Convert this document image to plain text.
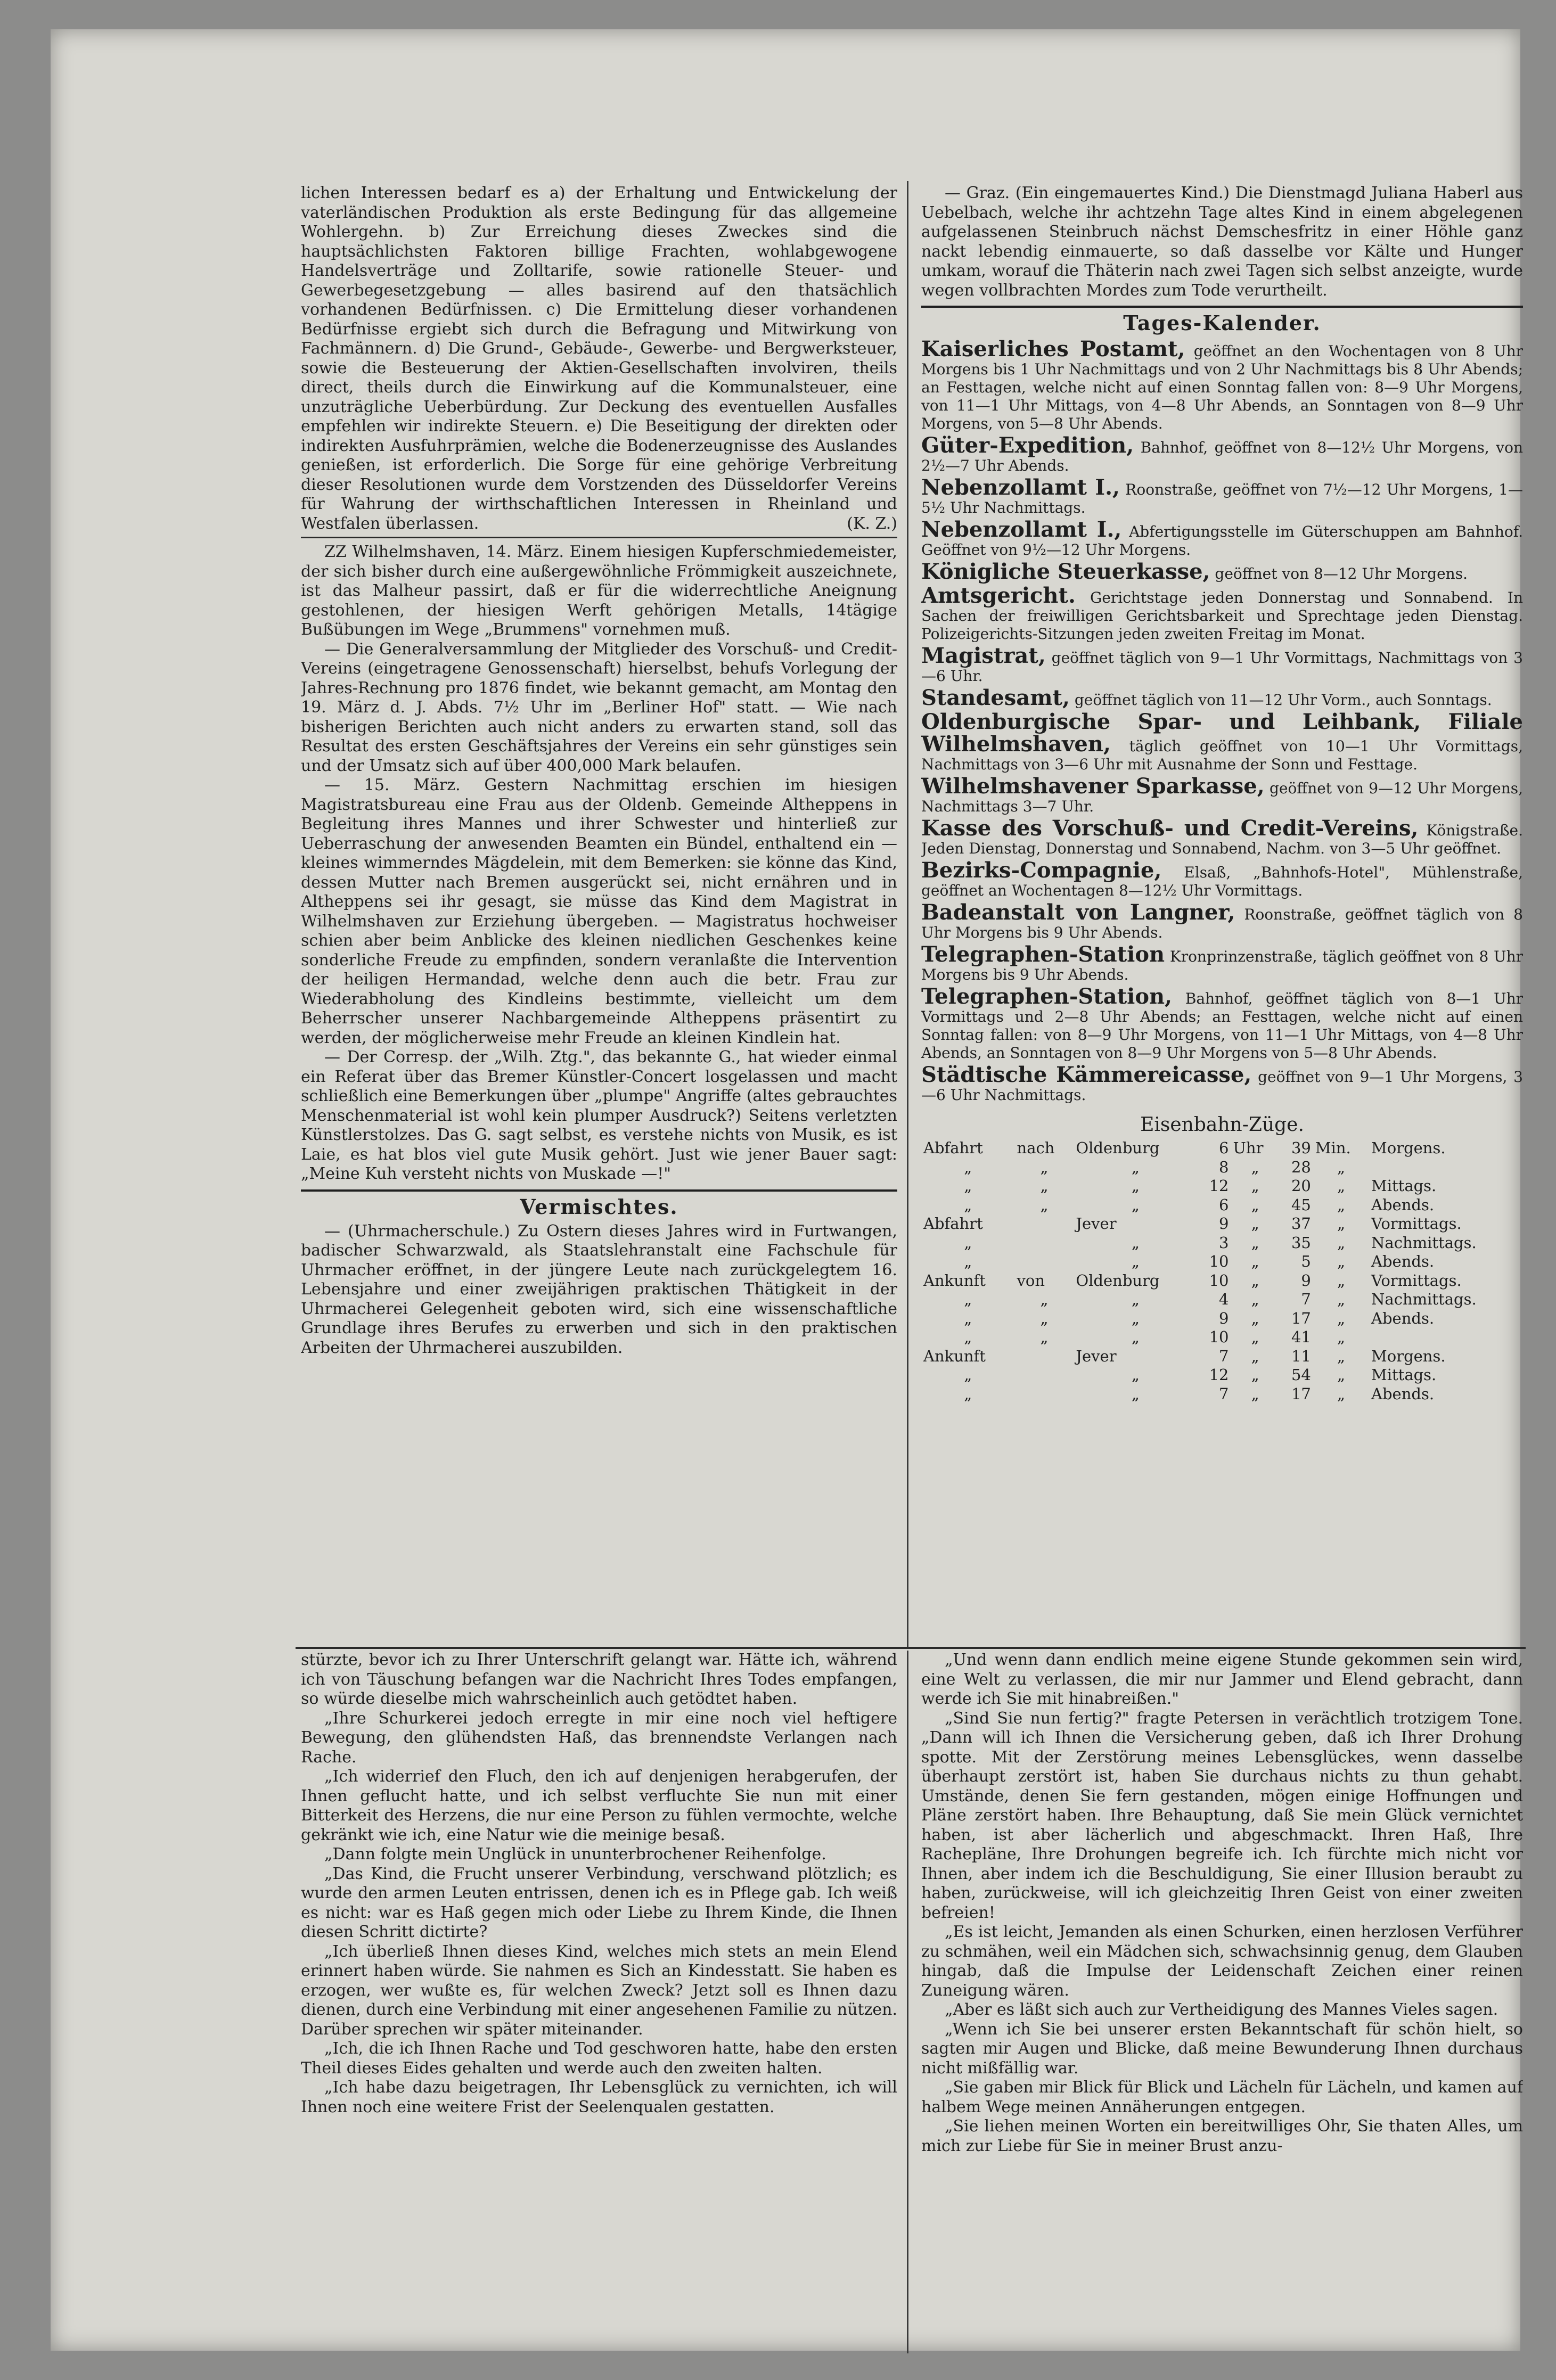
lichen Interessen bedarf es a) der Erhaltung und Entwickelung der vaterländischen Produktion als erste Bedingung für das allgemeine Wohlergehn. b) Zur Erreichung dieses Zweckes sind die hauptsächlichsten Faktoren billige Frachten, wohlabgewogene Handelsverträge und Zolltarife, sowie rationelle Steuer- und Gewerbegesetzgebung — alles basirend auf den thatsächlich vorhandenen Bedürfnissen. c) Die Ermittelung dieser vorhandenen Bedürfnisse ergiebt sich durch die Befragung und Mitwirkung von Fachmännern. d) Die Grund-, Gebäude-, Gewerbe- und Bergwerksteuer, sowie die Besteuerung der Aktien-Gesellschaften involviren, theils direct, theils durch die Einwirkung auf die Kommunalsteuer, eine unzuträgliche Ueberbürdung. Zur Deckung des eventuellen Ausfalles empfehlen wir indirekte Steuern. e) Die Beseitigung der direkten oder indirekten Ausfuhrprämien, welche die Bodenerzeugnisse des Auslandes genießen, ist erforderlich. Die Sorge für eine gehörige Verbreitung dieser Resolutionen wurde dem Vorstzenden des Düsseldorfer Vereins für Wahrung der wirthschaftlichen Interessen in Rheinland und Westfalen überlassen.	(K. Z.)

ZZ Wilhelmshaven, 14. März. Einem hiesigen Kupferschmiedemeister, der sich bisher durch eine außergewöhnliche Frömmigkeit auszeichnete, ist das Malheur passirt, daß er für die widerrechtliche Aneignung gestohlenen, der hiesigen Werft gehörigen Metalls, 14tägige Bußübungen im Wege „Brummens" vornehmen muß.

— Die Generalversammlung der Mitglieder des Vorschuß- und Credit-Vereins (eingetragene Genossenschaft) hierselbst, behufs Vorlegung der Jahres-Rechnung pro 1876 findet, wie bekannt gemacht, am Montag den 19. März d. J. Abds. 7½ Uhr im „Berliner Hof" statt. — Wie nach bisherigen Berichten auch nicht anders zu erwarten stand, soll das Resultat des ersten Geschäftsjahres der Vereins ein sehr günstiges sein und der Umsatz sich auf über 400,000 Mark belaufen.

— 15. März. Gestern Nachmittag erschien im hiesigen Magistratsbureau eine Frau aus der Oldenb. Gemeinde Altheppens in Begleitung ihres Mannes und ihrer Schwester und hinterließ zur Ueberraschung der anwesenden Beamten ein Bündel, enthaltend ein — kleines wimmerndes Mägdelein, mit dem Bemerken: sie könne das Kind, dessen Mutter nach Bremen ausgerückt sei, nicht ernähren und in Altheppens sei ihr gesagt, sie müsse das Kind dem Magistrat in Wilhelmshaven zur Erziehung übergeben. — Magistratus hochweiser schien aber beim Anblicke des kleinen niedlichen Geschenkes keine sonderliche Freude zu empfinden, sondern veranlaßte die Intervention der heiligen Hermandad, welche denn auch die betr. Frau zur Wiederabholung des Kindleins bestimmte, vielleicht um dem Beherrscher unserer Nachbargemeinde Altheppens präsentirt zu werden, der möglicherweise mehr Freude an kleinen Kindlein hat.

— Der Corresp. der „Wilh. Ztg.", das bekannte G., hat wieder einmal ein Referat über das Bremer Künstler-Concert losgelassen und macht schließlich eine Bemerkungen über „plumpe" Angriffe (altes gebrauchtes Menschenmaterial ist wohl kein plumper Ausdruck?) Seitens verletzten Künstlerstolzes. Das G. sagt selbst, es verstehe nichts von Musik, es ist Laie, es hat blos viel gute Musik gehört. Just wie jener Bauer sagt: „Meine Kuh versteht nichts von Muskade —!"

Vermischtes.

— (Uhrmacherschule.) Zu Ostern dieses Jahres wird in Furtwangen, badischer Schwarzwald, als Staatslehranstalt eine Fachschule für Uhrmacher eröffnet, in der jüngere Leute nach zurückgelegtem 16. Lebensjahre und einer zweijährigen praktischen Thätigkeit in der Uhrmacherei Gelegenheit geboten wird, sich eine wissenschaftliche Grundlage ihres Berufes zu erwerben und sich in den praktischen Arbeiten der Uhrmacherei auszubilden.

— Graz. (Ein eingemauertes Kind.) Die Dienstmagd Juliana Haberl aus Uebelbach, welche ihr achtzehn Tage altes Kind in einem abgelegenen aufgelassenen Steinbruch nächst Demschesfritz in einer Höhle ganz nackt lebendig einmauerte, so daß dasselbe vor Kälte und Hunger umkam, worauf die Thäterin nach zwei Tagen sich selbst anzeigte, wurde wegen vollbrachten Mordes zum Tode verurtheilt.

Tages-Kalender.

Kaiserliches Postamt, geöffnet an den Wochentagen von 8 Uhr Morgens bis 1 Uhr Nachmittags und von 2 Uhr Nachmittags bis 8 Uhr Abends; an Festtagen, welche nicht auf einen Sonntag fallen von: 8—9 Uhr Morgens, von 11—1 Uhr Mittags, von 4—8 Uhr Abends, an Sonntagen von 8—9 Uhr Morgens, von 5—8 Uhr Abends.

Güter-Expedition, Bahnhof, geöffnet von 8—12½ Uhr Morgens, von 2½—7 Uhr Abends.

Nebenzollamt I., Roonstraße, geöffnet von 7½—12 Uhr Morgens, 1—5½ Uhr Nachmittags.

Nebenzollamt I., Abfertigungsstelle im Güterschuppen am Bahnhof. Geöffnet von 9½—12 Uhr Morgens.

Königliche Steuerkasse, geöffnet von 8—12 Uhr Morgens.

Amtsgericht. Gerichtstage jeden Donnerstag und Sonnabend. In Sachen der freiwilligen Gerichtsbarkeit und Sprechtage jeden Dienstag. Polizeigerichts-Sitzungen jeden zweiten Freitag im Monat.

Magistrat, geöffnet täglich von 9—1 Uhr Vormittags, Nachmittags von 3—6 Uhr.

Standesamt, geöffnet täglich von 11—12 Uhr Vorm., auch Sonntags.

Oldenburgische Spar- und Leihbank, Filiale Wilhelmshaven, täglich geöffnet von 10—1 Uhr Vormittags, Nachmittags von 3—6 Uhr mit Ausnahme der Sonn und Festtage.

Wilhelmshavener Sparkasse, geöffnet von 9—12 Uhr Morgens, Nachmittags 3—7 Uhr.

Kasse des Vorschuß- und Credit-Vereins, Königstraße. Jeden Dienstag, Donnerstag und Sonnabend, Nachm. von 3—5 Uhr geöffnet.

Bezirks-Compagnie, Elsaß, „Bahnhofs-Hotel", Mühlenstraße, geöffnet an Wochentagen 8—12½ Uhr Vormittags.

Badeanstalt von Langner, Roonstraße, geöffnet täglich von 8 Uhr Morgens bis 9 Uhr Abends.

Telegraphen-Station Kronprinzenstraße, täglich geöffnet von 8 Uhr Morgens bis 9 Uhr Abends.

Telegraphen-Station, Bahnhof, geöffnet täglich von 8—1 Uhr Vormittags und 2—8 Uhr Abends; an Festtagen, welche nicht auf einen Sonntag fallen: von 8—9 Uhr Morgens, von 11—1 Uhr Mittags, von 4—8 Uhr Abends, an Sonntagen von 8—9 Uhr Morgens von 5—8 Uhr Abends.

Städtische Kämmereicasse, geöffnet von 9—1 Uhr Morgens, 3—6 Uhr Nachmittags.

Eisenbahn-Züge.
Abfahrt	nach	Oldenburg	6	Uhr	39	Min.	Morgens.
„	„	„	8	„	28	„	
„	„	„	12	„	20	„	Mittags.
„	„	„	6	„	45	„	Abends.
Abfahrt		Jever	9	„	37	„	Vormittags.
„		„	3	„	35	„	Nachmittags.
„		„	10	„	5	„	Abends.
Ankunft	von	Oldenburg	10	„	9	„	Vormittags.
„	„	„	4	„	7	„	Nachmittags.
„	„	„	9	„	17	„	Abends.
„	„	„	10	„	41	„	
Ankunft		Jever	7	„	11	„	Morgens.
„		„	12	„	54	„	Mittags.
„		„	7	„	17	„	Abends.

stürzte, bevor ich zu Ihrer Unterschrift gelangt war. Hätte ich, während ich von Täuschung befangen war die Nachricht Ihres Todes empfangen, so würde dieselbe mich wahrscheinlich auch getödtet haben.

„Ihre Schurkerei jedoch erregte in mir eine noch viel heftigere Bewegung, den glühendsten Haß, das brennendste Verlangen nach Rache.

„Ich widerrief den Fluch, den ich auf denjenigen herabgerufen, der Ihnen geflucht hatte, und ich selbst verfluchte Sie nun mit einer Bitterkeit des Herzens, die nur eine Person zu fühlen vermochte, welche gekränkt wie ich, eine Natur wie die meinige besaß.

„Dann folgte mein Unglück in ununterbrochener Reihenfolge.

„Das Kind, die Frucht unserer Verbindung, verschwand plötzlich; es wurde den armen Leuten entrissen, denen ich es in Pflege gab. Ich weiß es nicht: war es Haß gegen mich oder Liebe zu Ihrem Kinde, die Ihnen diesen Schritt dictirte?

„Ich überließ Ihnen dieses Kind, welches mich stets an mein Elend erinnert haben würde. Sie nahmen es Sich an Kindesstatt. Sie haben es erzogen, wer wußte es, für welchen Zweck? Jetzt soll es Ihnen dazu dienen, durch eine Verbindung mit einer angesehenen Familie zu nützen. Darüber sprechen wir später miteinander.

„Ich, die ich Ihnen Rache und Tod geschworen hatte, habe den ersten Theil dieses Eides gehalten und werde auch den zweiten halten.

„Ich habe dazu beigetragen, Ihr Lebensglück zu vernichten, ich will Ihnen noch eine weitere Frist der Seelenqualen gestatten.

„Und wenn dann endlich meine eigene Stunde gekommen sein wird, eine Welt zu verlassen, die mir nur Jammer und Elend gebracht, dann werde ich Sie mit hinabreißen."

„Sind Sie nun fertig?" fragte Petersen in verächtlich trotzigem Tone. „Dann will ich Ihnen die Versicherung geben, daß ich Ihrer Drohung spotte. Mit der Zerstörung meines Lebensglückes, wenn dasselbe überhaupt zerstört ist, haben Sie durchaus nichts zu thun gehabt. Umstände, denen Sie fern gestanden, mögen einige Hoffnungen und Pläne zerstört haben. Ihre Behauptung, daß Sie mein Glück vernichtet haben, ist aber lächerlich und abgeschmackt. Ihren Haß, Ihre Rachepläne, Ihre Drohungen begreife ich. Ich fürchte mich nicht vor Ihnen, aber indem ich die Beschuldigung, Sie einer Illusion beraubt zu haben, zurückweise, will ich gleichzeitig Ihren Geist von einer zweiten befreien!

„Es ist leicht, Jemanden als einen Schurken, einen herzlosen Verführer zu schmähen, weil ein Mädchen sich, schwachsinnig genug, dem Glauben hingab, daß die Impulse der Leidenschaft Zeichen einer reinen Zuneigung wären.

„Aber es läßt sich auch zur Vertheidigung des Mannes Vieles sagen.

„Wenn ich Sie bei unserer ersten Bekanntschaft für schön hielt, so sagten mir Augen und Blicke, daß meine Bewunderung Ihnen durchaus nicht mißfällig war.

„Sie gaben mir Blick für Blick und Lächeln für Lächeln, und kamen auf halbem Wege meinen Annäherungen entgegen.

„Sie liehen meinen Worten ein bereitwilliges Ohr, Sie thaten Alles, um mich zur Liebe für Sie in meiner Brust anzu-
